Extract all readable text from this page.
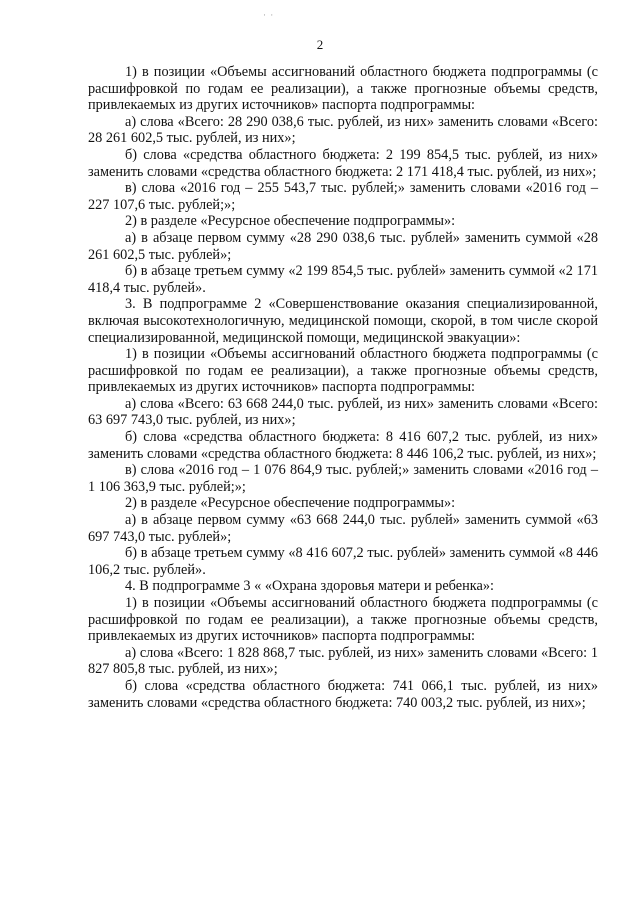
· ·
2

1) в позиции «Объемы ассигнований областного бюджета подпрограммы (с расшифровкой по годам ее реализации), а также прогнозные объемы средств, привлекаемых из других источников» паспорта подпрограммы:

а) слова «Всего: 28 290 038,6 тыс. рублей, из них» заменить словами «Всего: 28 261 602,5 тыс. рублей, из них»;

б) слова «средства областного бюджета: 2 199 854,5 тыс. рублей, из них» заменить словами «средства областного бюджета: 2 171 418,4 тыс. рублей, из них»;

в) слова «2016 год – 255 543,7 тыс. рублей;» заменить словами «2016 год – 227 107,6 тыс. рублей;»;

2) в разделе «Ресурсное обеспечение подпрограммы»:

а) в абзаце первом сумму «28 290 038,6 тыс. рублей» заменить суммой «28 261 602,5 тыс. рублей»;

б) в абзаце третьем сумму «2 199 854,5 тыс. рублей» заменить суммой «2 171 418,4 тыс. рублей».

3. В подпрограмме 2 «Совершенствование оказания специализированной, включая высокотехнологичную, медицинской помощи, скорой, в том числе скорой специализированной, медицинской помощи, медицинской эвакуации»:

1) в позиции «Объемы ассигнований областного бюджета подпрограммы (с расшифровкой по годам ее реализации), а также прогнозные объемы средств, привлекаемых из других источников» паспорта подпрограммы:

а) слова «Всего: 63 668 244,0 тыс. рублей, из них» заменить словами «Всего: 63 697 743,0 тыс. рублей, из них»;

б) слова «средства областного бюджета: 8 416 607,2 тыс. рублей, из них» заменить словами «средства областного бюджета: 8 446 106,2 тыс. рублей, из них»;

в) слова «2016 год – 1 076 864,9 тыс. рублей;» заменить словами «2016 год – 1 106 363,9 тыс. рублей;»;

2) в разделе «Ресурсное обеспечение подпрограммы»:

а) в абзаце первом сумму «63 668 244,0 тыс. рублей» заменить суммой «63 697 743,0 тыс. рублей»;

б) в абзаце третьем сумму «8 416 607,2 тыс. рублей» заменить суммой «8 446 106,2 тыс. рублей».

4. В подпрограмме 3 « «Охрана здоровья матери и ребенка»:

1) в позиции «Объемы ассигнований областного бюджета подпрограммы (с расшифровкой по годам ее реализации), а также прогнозные объемы средств, привлекаемых из других источников» паспорта подпрограммы:

а) слова «Всего: 1 828 868,7 тыс. рублей, из них» заменить словами «Всего: 1 827 805,8 тыс. рублей, из них»;

б) слова «средства областного бюджета: 741 066,1 тыс. рублей, из них» заменить словами «средства областного бюджета: 740 003,2 тыс. рублей, из них»;
